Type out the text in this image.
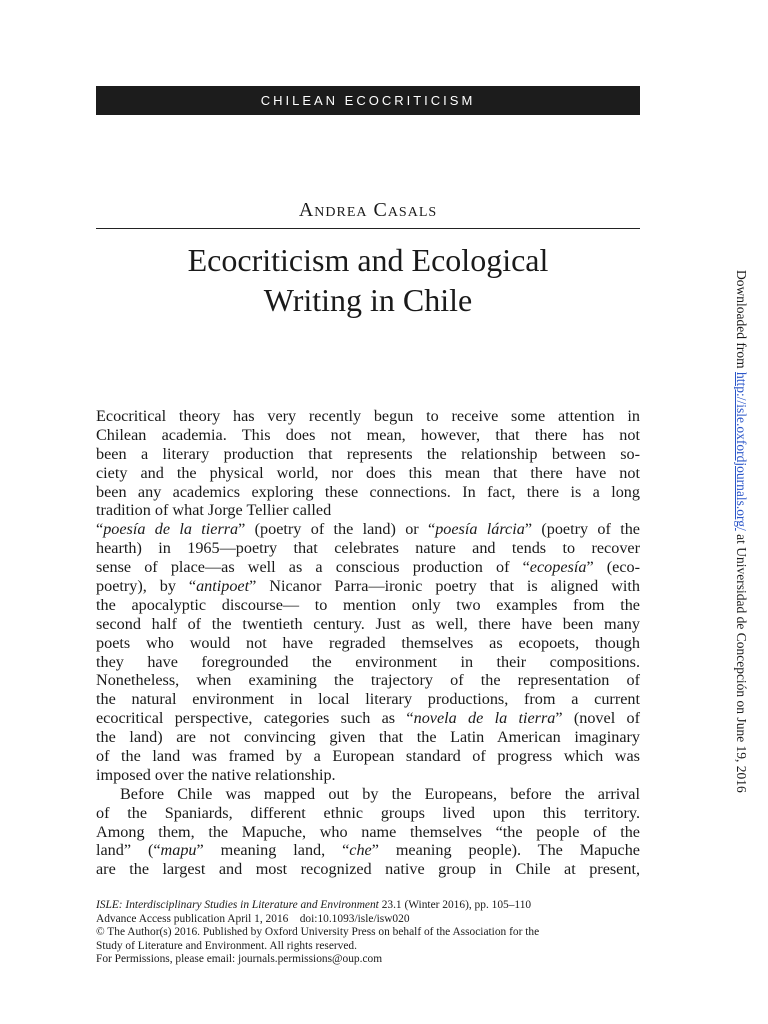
CHILEAN ECOCRITICISM
Andrea Casals
Ecocriticism and Ecological
Writing in Chile
Ecocritical theory has very recently begun to receive some attention in
Chilean academia. This does not mean, however, that there has not
been a literary production that represents the relationship between so-
ciety and the physical world, nor does this mean that there have not
been any academics exploring these connections. In fact, there is a long
tradition of what Jorge Tellier called
“poesía de la tierra” (poetry of the land) or “poesía lárcia” (poetry of the
hearth) in 1965—poetry that celebrates nature and tends to recover
sense of place—as well as a conscious production of “ecopesía” (eco-
poetry), by “antipoet” Nicanor Parra—ironic poetry that is aligned with
the apocalyptic discourse— to mention only two examples from the
second half of the twentieth century. Just as well, there have been many
poets who would not have regraded themselves as ecopoets, though
they have foregrounded the environment in their compositions.
Nonetheless, when examining the trajectory of the representation of
the natural environment in local literary productions, from a current
ecocritical perspective, categories such as “novela de la tierra” (novel of
the land) are not convincing given that the Latin American imaginary
of the land was framed by a European standard of progress which was
imposed over the native relationship.
Before Chile was mapped out by the Europeans, before the arrival
of the Spaniards, different ethnic groups lived upon this territory.
Among them, the Mapuche, who name themselves “the people of the
land” (“mapu” meaning land, “che” meaning people). The Mapuche
are the largest and most recognized native group in Chile at present,
ISLE: Interdisciplinary Studies in Literature and Environment 23.1 (Winter 2016), pp. 105–110
Advance Access publication April 1, 2016    doi:10.1093/isle/isw020
© The Author(s) 2016. Published by Oxford University Press on behalf of the Association for the
Study of Literature and Environment. All rights reserved.
For Permissions, please email: journals.permissions@oup.com
Downloaded from http://isle.oxfordjournals.org/ at Universidad de Concepción on June 19, 2016
